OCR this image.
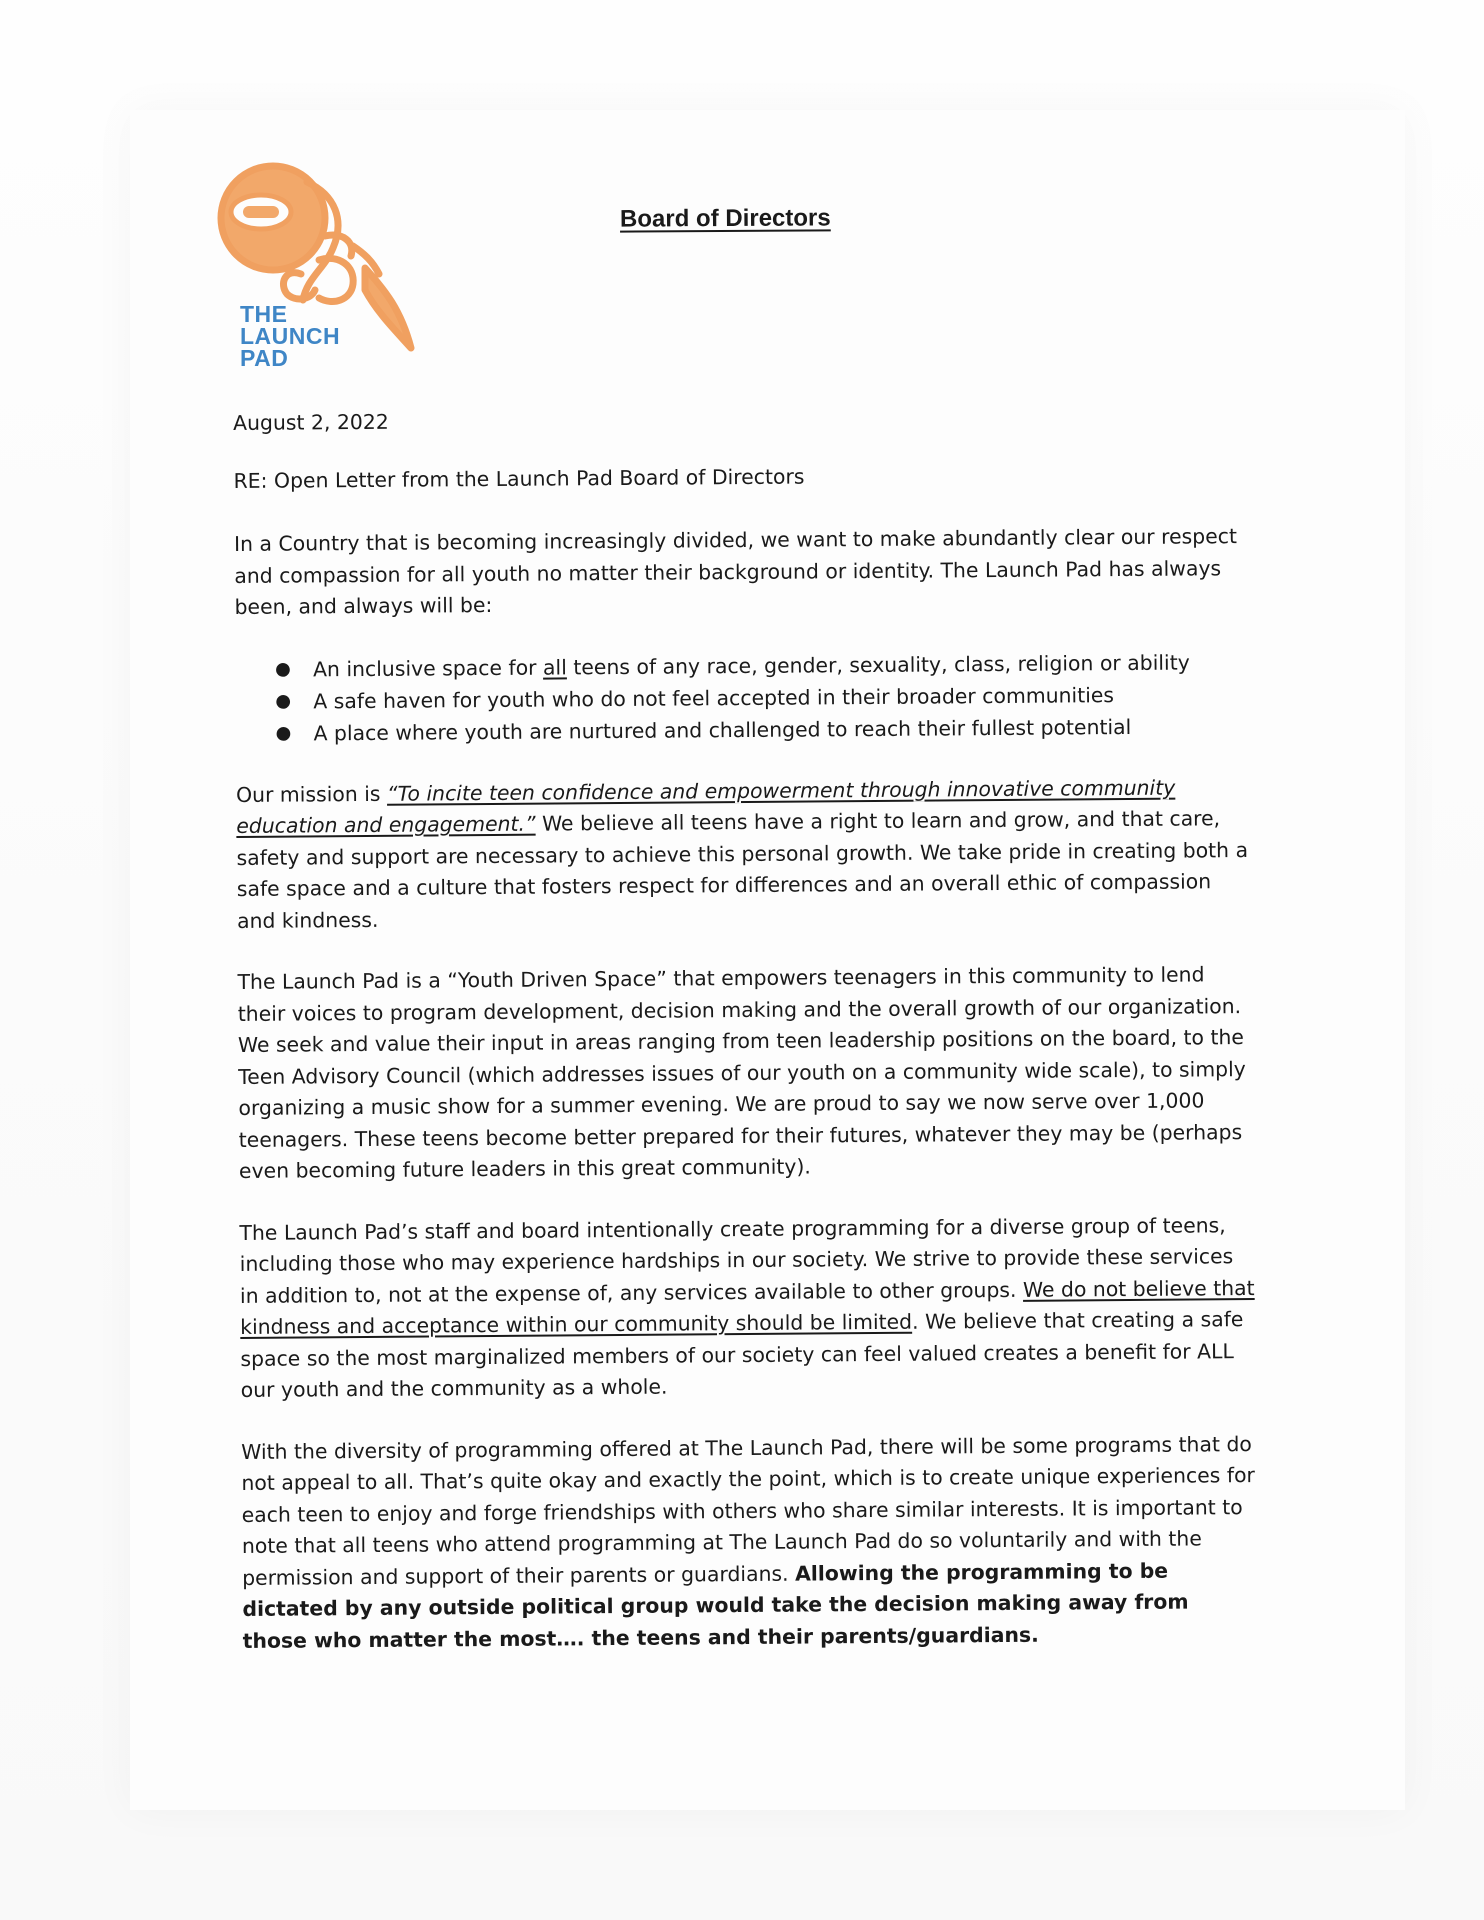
THE
LAUNCH
PAD
Board of Directors

August 2, 2022

RE: Open Letter from the Launch Pad Board of Directors

In a Country that is becoming increasingly divided, we want to make abundantly clear our respect and compassion for all youth no matter their background or identity. The Launch Pad has always been, and always will be:

● An inclusive space for all teens of any race, gender, sexuality, class, religion or ability
● A safe haven for youth who do not feel accepted in their broader communities
● A place where youth are nurtured and challenged to reach their fullest potential

Our mission is “To incite teen confidence and empowerment through innovative community education and engagement.” We believe all teens have a right to learn and grow, and that care, safety and support are necessary to achieve this personal growth. We take pride in creating both a safe space and a culture that fosters respect for differences and an overall ethic of compassion and kindness.

The Launch Pad is a “Youth Driven Space” that empowers teenagers in this community to lend their voices to program development, decision making and the overall growth of our organization. We seek and value their input in areas ranging from teen leadership positions on the board, to the Teen Advisory Council (which addresses issues of our youth on a community wide scale), to simply organizing a music show for a summer evening. We are proud to say we now serve over 1,000 teenagers. These teens become better prepared for their futures, whatever they may be (perhaps even becoming future leaders in this great community).

The Launch Pad’s staff and board intentionally create programming for a diverse group of teens, including those who may experience hardships in our society. We strive to provide these services in addition to, not at the expense of, any services available to other groups. We do not believe that kindness and acceptance within our community should be limited. We believe that creating a safe space so the most marginalized members of our society can feel valued creates a benefit for ALL our youth and the community as a whole.

With the diversity of programming offered at The Launch Pad, there will be some programs that do not appeal to all. That’s quite okay and exactly the point, which is to create unique experiences for each teen to enjoy and forge friendships with others who share similar interests. It is important to note that all teens who attend programming at The Launch Pad do so voluntarily and with the permission and support of their parents or guardians. Allowing the programming to be dictated by any outside political group would take the decision making away from those who matter the most…. the teens and their parents/guardians.
